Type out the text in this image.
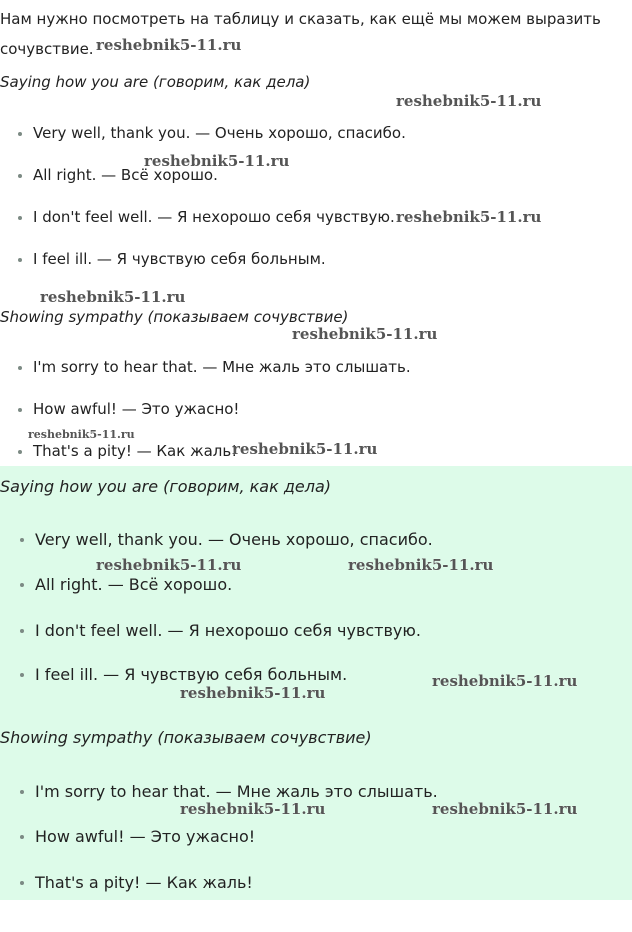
Нам нужно посмотреть на таблицу и сказать, как ещё мы можем выразить сочувствие.

Saying how you are (говорим, как дела)
Very well, thank you. — Очень хорошо, спасибо.
All right. — Всё хорошо.
I don't feel well. — Я нехорошо себя чувствую.
I feel ill. — Я чувствую себя больным.
Showing sympathy (показываем сочувствие)
I'm sorry to hear that. — Мне жаль это слышать.
How awful! — Это ужасно!
That's a pity! — Как жаль!
Saying how you are (говорим, как дела)
Very well, thank you. — Очень хорошо, спасибо.
All right. — Всё хорошо.
I don't feel well. — Я нехорошо себя чувствую.
I feel ill. — Я чувствую себя больным.
Showing sympathy (показываем сочувствие)
I'm sorry to hear that. — Мне жаль это слышать.
How awful! — Это ужасно!
That's a pity! — Как жаль!
reshebnik5-11.ru
reshebnik5-11.ru
reshebnik5-11.ru
reshebnik5-11.ru
reshebnik5-11.ru
reshebnik5-11.ru
reshebnik5-11.ru
reshebnik5-11.ru
reshebnik5-11.ru	reshebnik5-11.ru
reshebnik5-11.ru
reshebnik5-11.ru
reshebnik5-11.ru	reshebnik5-11.ru
